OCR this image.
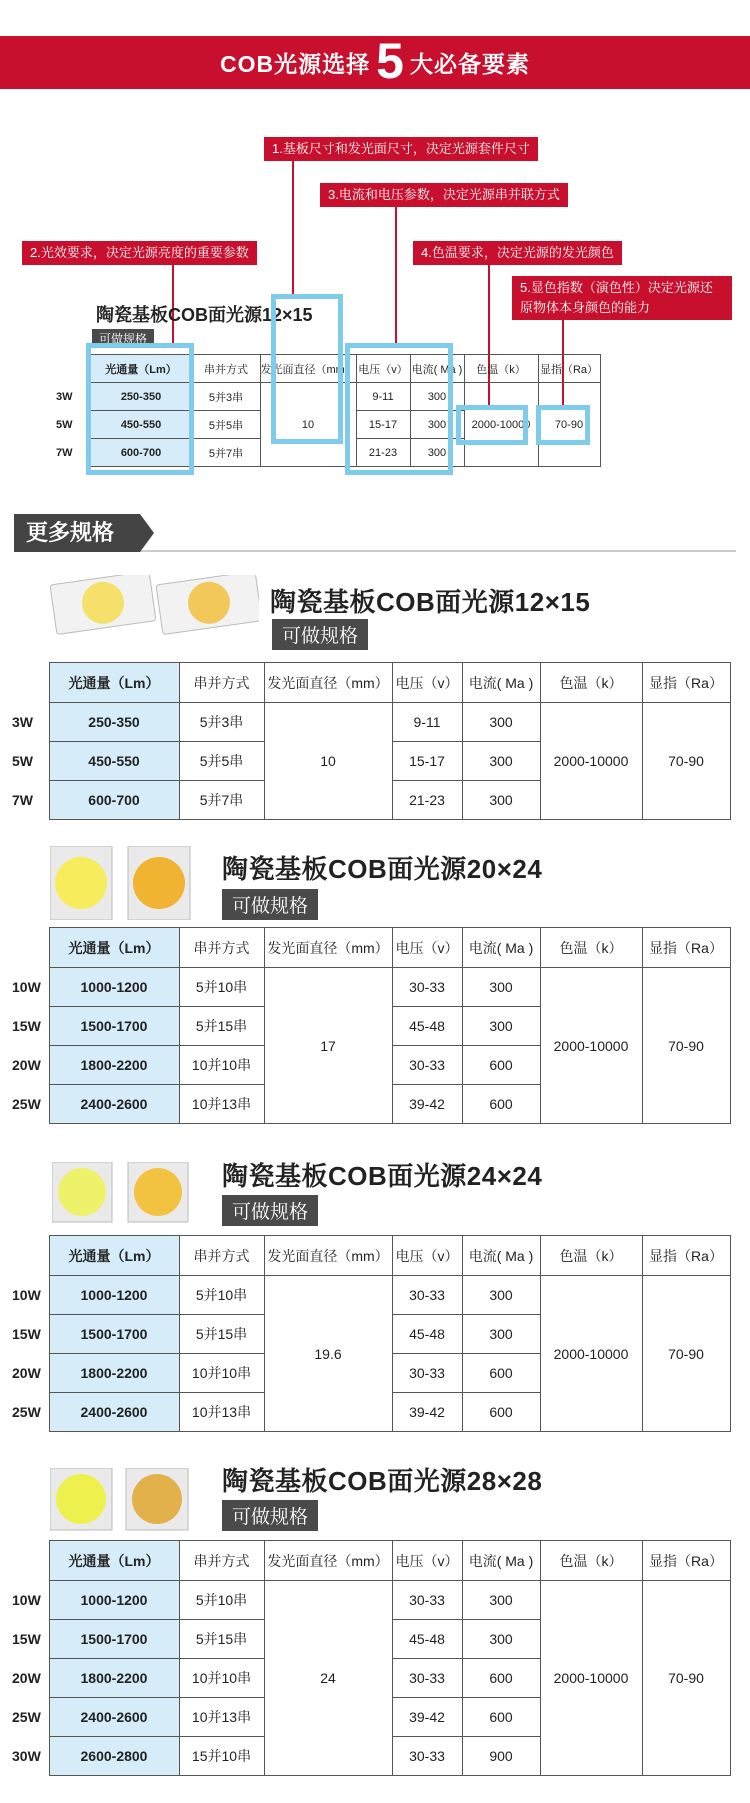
COB光源选择 5 大必备要素
1.基板尺寸和发光面尺寸，决定光源套件尺寸
2.光效要求，决定光源亮度的重要参数
3.电流和电压参数，决定光源串并联方式
4.色温要求，决定光源的发光颜色
5.显色指数（演色性）决定光源还原物体本身颜色的能力
陶瓷基板COB面光源12×15
可做规格
	光通量（Lm）	串并方式	发光面直径（mm）	电压（v）	电流( Ma )	色温（k）	显指（Ra）
3W	250-350	5并3串	10	9-11	300	2000-10000	70-90
5W	450-550	5并5串		15-17	300		
7W	600-700	5并7串		21-23	300		
更多规格
陶瓷基板COB面光源12×15
可做规格
	光通量（Lm）	串并方式	发光面直径（mm）	电压（v）	电流( Ma )	色温（k）	显指（Ra）
3W	250-350	5并3串	10	9-11	300	2000-10000	70-90
5W	450-550	5并5串		15-17	300		
7W	600-700	5并7串		21-23	300		
陶瓷基板COB面光源20×24
可做规格
	光通量（Lm）	串并方式	发光面直径（mm）	电压（v）	电流( Ma )	色温（k）	显指（Ra）
10W	1000-1200	5并10串	17	30-33	300	2000-10000	70-90
15W	1500-1700	5并15串		45-48	300		
20W	1800-2200	10并10串		30-33	600		
25W	2400-2600	10并13串		39-42	600		
陶瓷基板COB面光源24×24
可做规格
	光通量（Lm）	串并方式	发光面直径（mm）	电压（v）	电流( Ma )	色温（k）	显指（Ra）
10W	1000-1200	5并10串	19.6	30-33	300	2000-10000	70-90
15W	1500-1700	5并15串		45-48	300		
20W	1800-2200	10并10串		30-33	600		
25W	2400-2600	10并13串		39-42	600		
陶瓷基板COB面光源28×28
可做规格
	光通量（Lm）	串并方式	发光面直径（mm）	电压（v）	电流( Ma )	色温（k）	显指（Ra）
10W	1000-1200	5并10串	24	30-33	300	2000-10000	70-90
15W	1500-1700	5并15串		45-48	300		
20W	1800-2200	10并10串		30-33	600		
25W	2400-2600	10并13串		39-42	600		
30W	2600-2800	15并10串		30-33	900		
